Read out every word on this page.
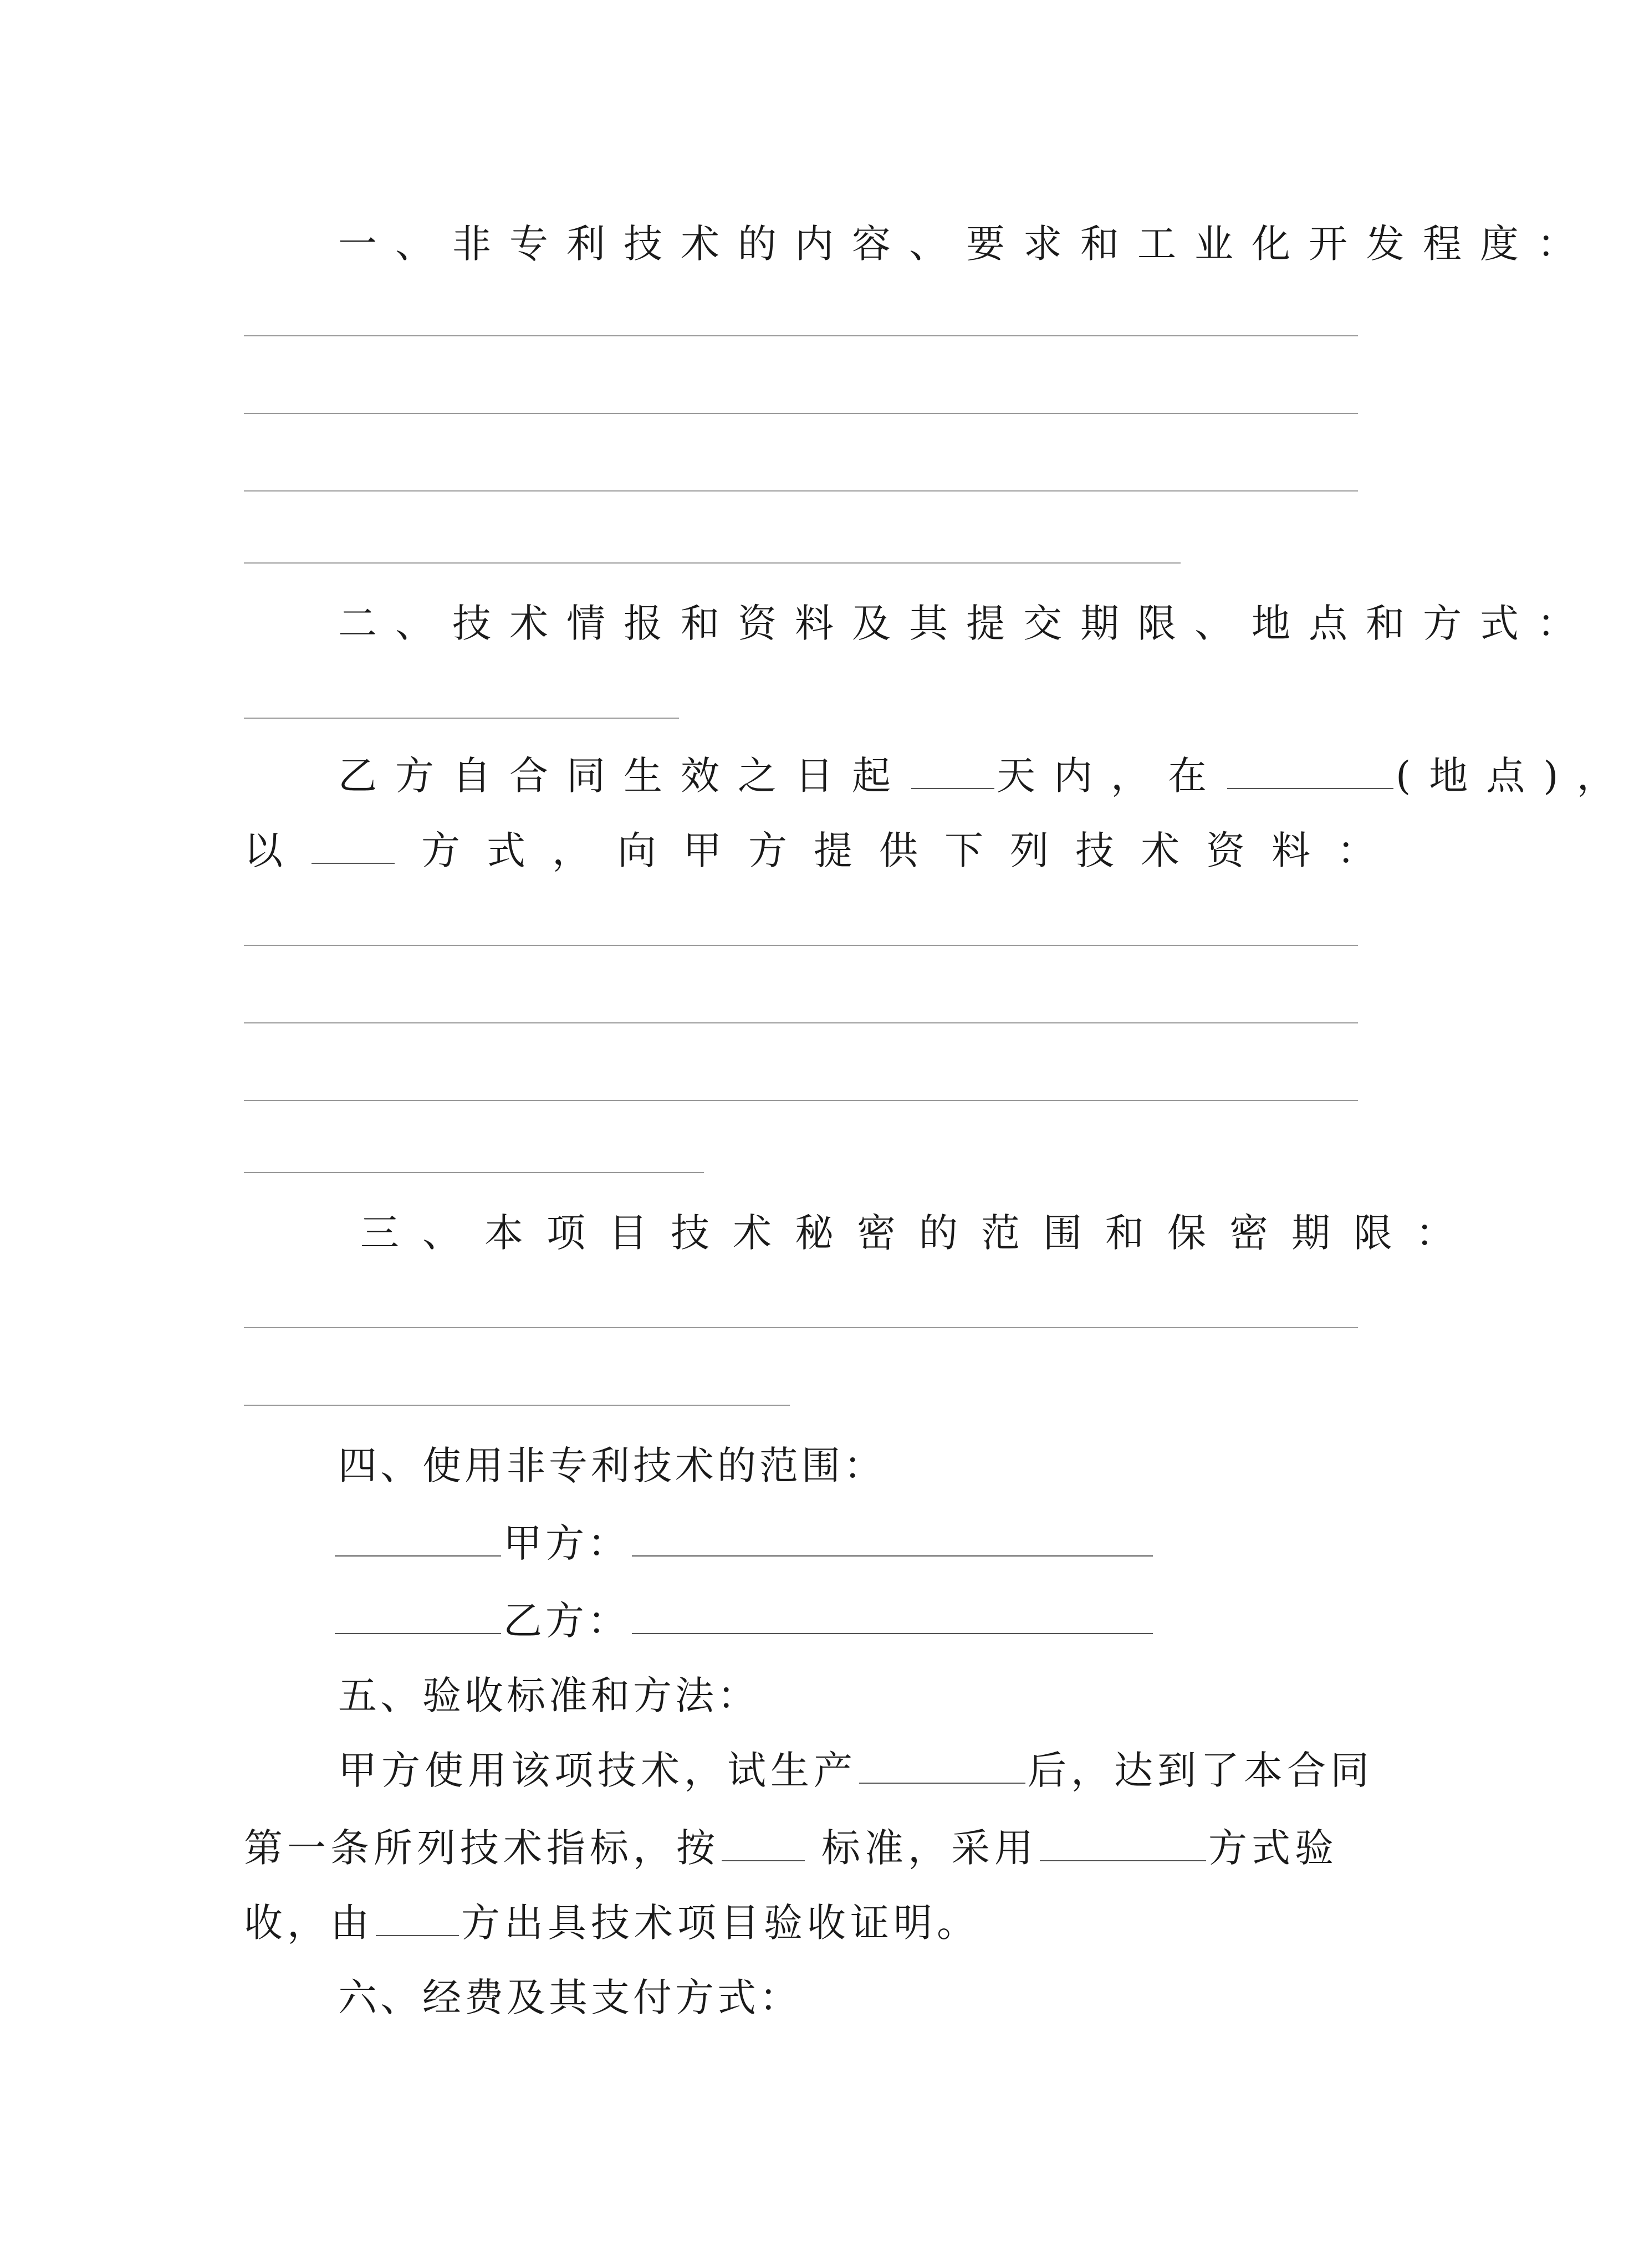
一、非专利技术的内容、要求和工业化开发程度：
二、技术情报和资料及其提交期限、地点和方式：
乙方自合同生效之日起 天内，在	(地点)，
以	方式，向甲方提供下列技术资料：
三、本项目技术秘密的范围和保密期限：
四、使用非专利技术的范围：
甲方：
乙方：
五、验收标准和方法：
甲方使用该项技术，试生产	后，达到了本合同
第一条所列技术指标，按	标准，采用	方式验
收，由 方出具技术项目验收证明。
六、经费及其支付方式：
